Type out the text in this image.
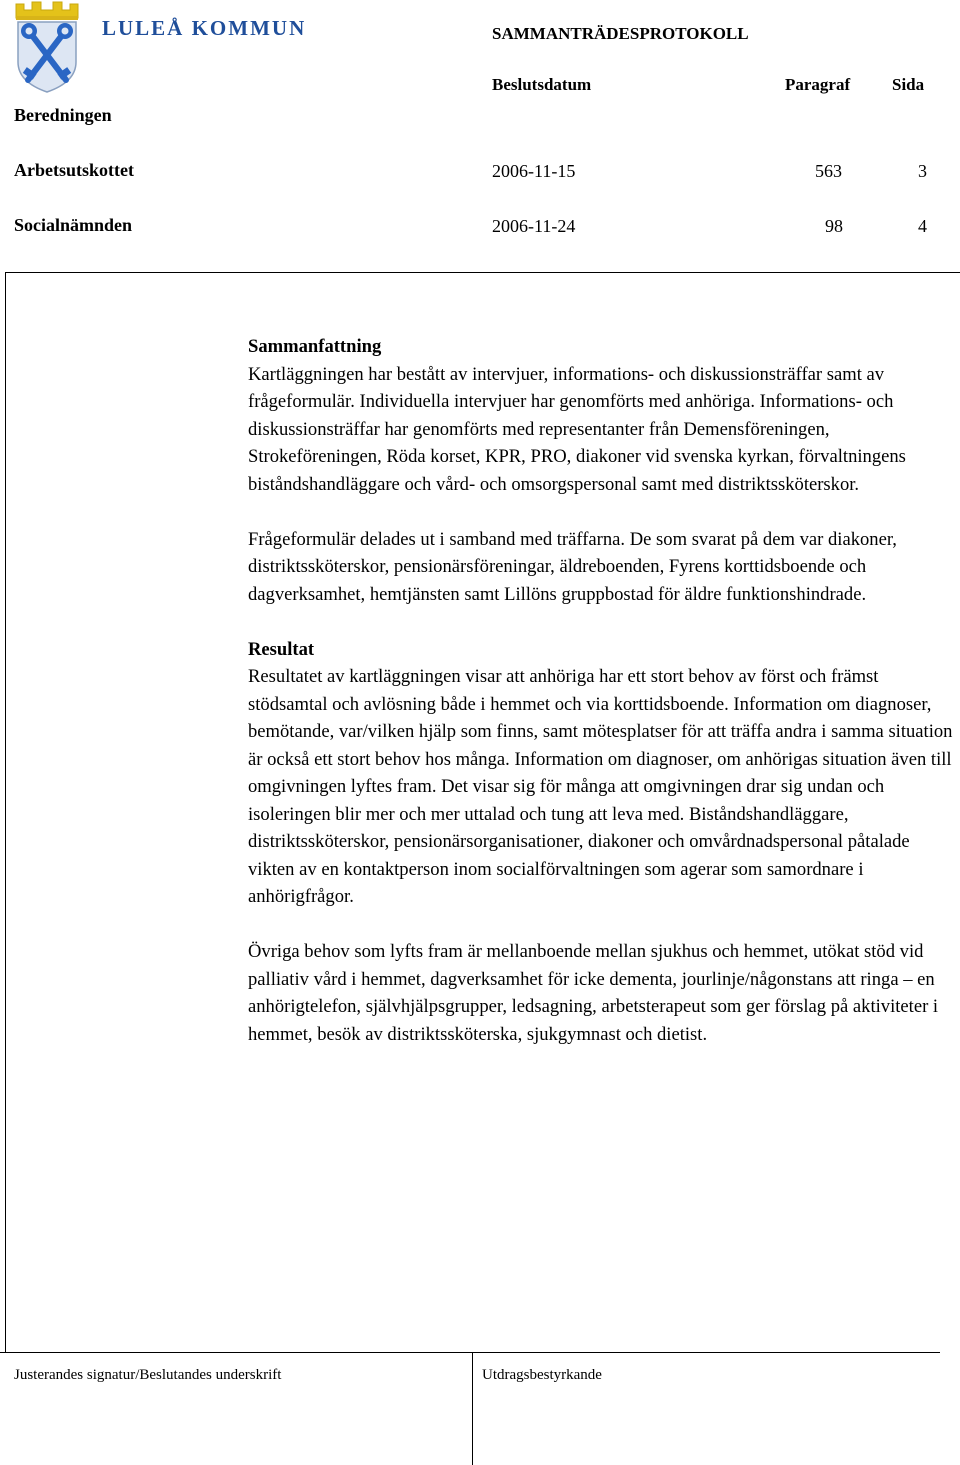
LULEÅ KOMMUN	SAMMANTRÄDESPROTOKOLL
Beslutsdatum	Paragraf Sida
Beredningen
Arbetsutskottet	2006-11-15	563	3
Socialnämnden	2006-11-24	98	4
Sammanfattning

Kartläggningen har bestått av intervjuer, informations- och diskussionsträffar samt av frågeformulär. Individuella intervjuer har genomförts med anhöriga. Informations- och diskussionsträffar har genomförts med representanter från Demensföreningen, Strokeföreningen, Röda korset, KPR, PRO, diakoner vid svenska kyrkan, förvaltningens biståndshandläggare och vård- och omsorgspersonal samt med distriktssköterskor.

Frågeformulär delades ut i samband med träffarna. De som svarat på dem var diakoner, distriktssköterskor, pensionärsföreningar, äldreboenden, Fyrens korttidsboende och dagverksamhet, hemtjänsten samt Lillöns gruppbostad för äldre funktionshindrade.

Resultat

Resultatet av kartläggningen visar att anhöriga har ett stort behov av först och främst stödsamtal och avlösning både i hemmet och via korttidsboende. Information om diagnoser, bemötande, var/vilken hjälp som finns, samt mötesplatser för att träffa andra i samma situation är också ett stort behov hos många. Information om diagnoser, om anhörigas situation även till omgivningen lyftes fram. Det visar sig för många att omgivningen drar sig undan och isoleringen blir mer och mer uttalad och tung att leva med. Biståndshandläggare, distriktssköterskor, pensionärsorganisationer, diakoner och omvårdnadspersonal påtalade vikten av en kontaktperson inom socialförvaltningen som agerar som samordnare i anhörigfrågor.

Övriga behov som lyfts fram är mellanboende mellan sjukhus och hemmet, utökat stöd vid palliativ vård i hemmet, dagverksamhet för icke dementa, jourlinje/någonstans att ringa – en anhörigtelefon, självhjälpsgrupper, ledsagning, arbetsterapeut som ger förslag på aktiviteter i hemmet, besök av distriktssköterska, sjukgymnast och dietist.

Justerandes signatur/Beslutandes underskrift	Utdragsbestyrkande
